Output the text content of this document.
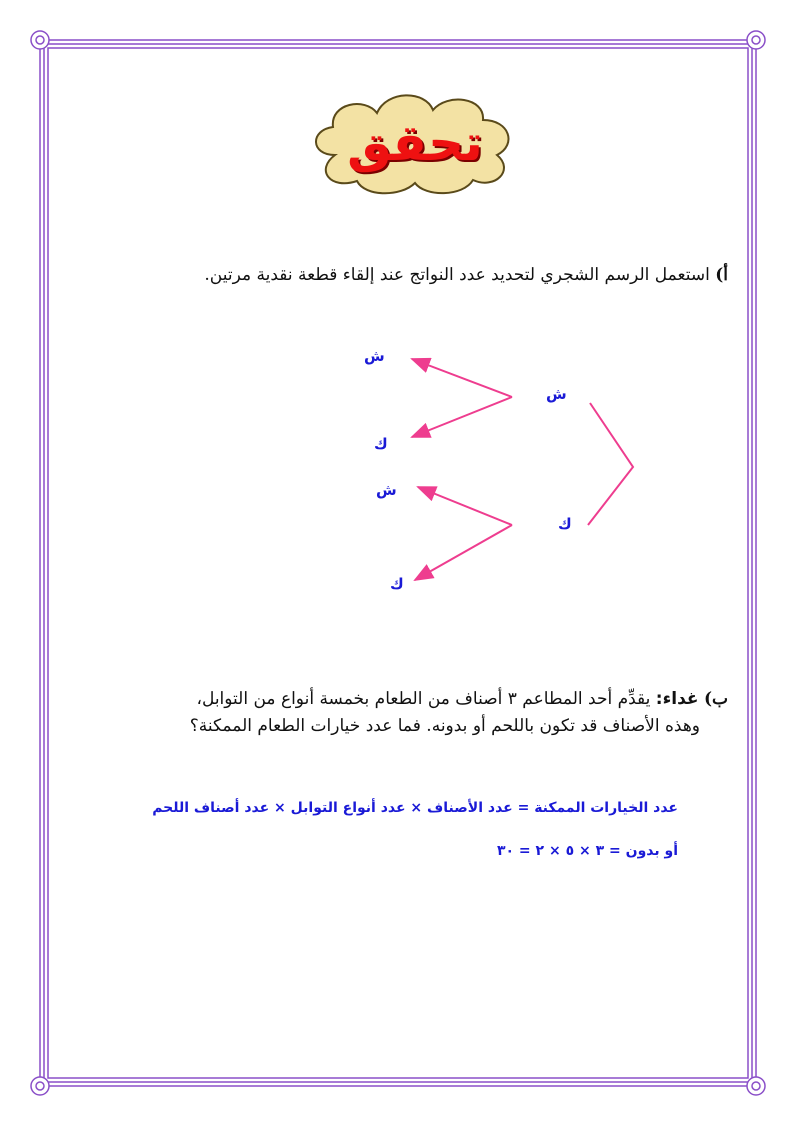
تحقق
أ) استعمل الرسم الشجري لتحديد عدد النواتج عند إلقاء قطعة نقدية مرتين.
ش
ك
ش
ك
ش
ك
ب) غداء: يقدِّم أحد المطاعم ٣ أصناف من الطعام بخمسة أنواع من التوابل،
وهذه الأصناف قد تكون باللحم أو بدونه. فما عدد خيارات الطعام الممكنة؟
عدد الخيارات الممكنة = عدد الأصناف × عدد أنواع التوابل × عدد أصناف اللحم
أو بدون = ٣ × ٥ × ٢ = ٣٠
